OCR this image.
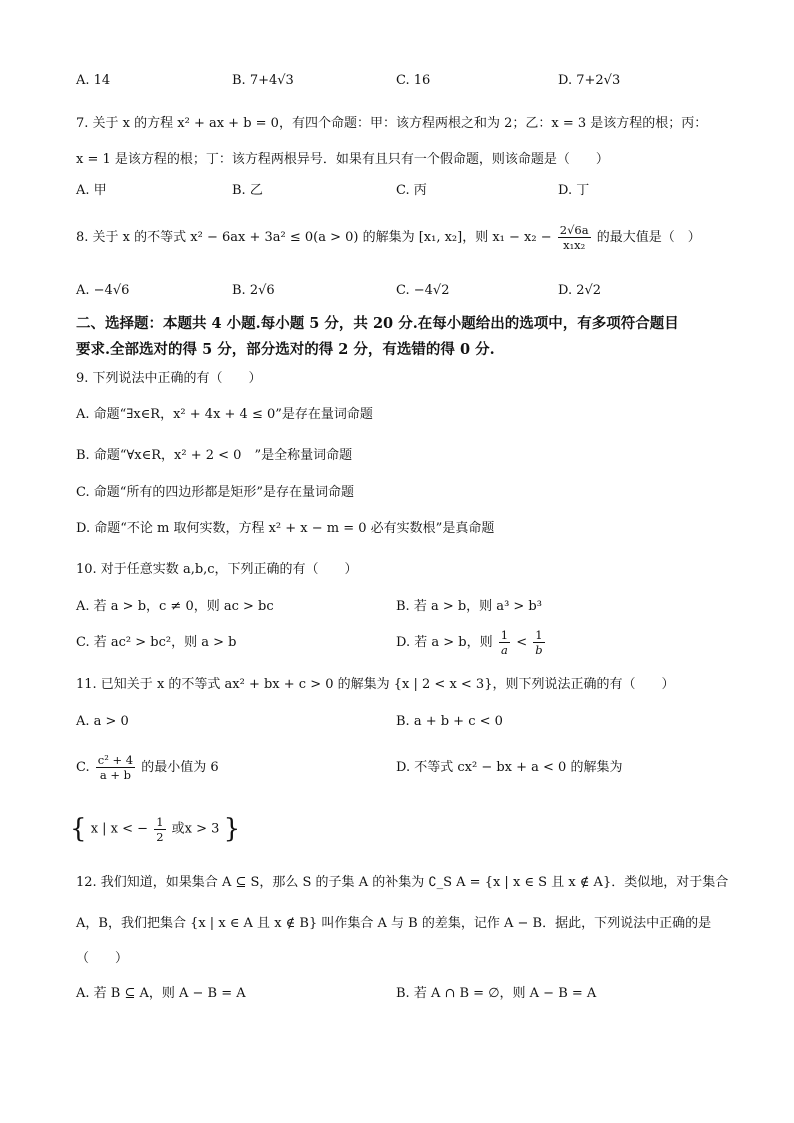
A. 14	B. 7+4√3	C. 16	D. 7+2√3
7. 关于 x 的方程 x² + ax + b = 0，有四个命题：甲：该方程两根之和为 2；乙：x = 3 是该方程的根；丙：
x = 1 是该方程的根；丁：该方程两根异号．如果有且只有一个假命题，则该命题是（　　）
A. 甲	B. 乙	C. 丙	D. 丁
8. 关于 x 的不等式 x² − 6ax + 3a² ≤ 0(a > 0) 的解集为 [x₁, x₂]，则 $x_1 - x_2 - \frac{2√6a}{\text{x₁x₂}}$ 的最大值是（　）
A. −4√6	B. 2√6	C. −4√2	D. 2√2
二、选择题：本题共 4 小题.每小题 5 分，共 20 分.在每小题给出的选项中，有多项符合题目
要求.全部选对的得 5 分，部分选对的得 2 分，有选错的得 0 分.
9. 下列说法中正确的有（　　）
A. 命题“∃x∈R，x² + 4x + 4 ≤ 0”是存在量词命题
B. 命题“∀x∈R，x² + 2 < 0　”是全称量词命题
C. 命题“所有的四边形都是矩形”是存在量词命题
D. 命题“不论 m 取何实数，方程 x² + x − m = 0 必有实数根”是真命题
10. 对于任意实数 a,b,c，下列正确的有（　　）
A. 若 a > b，c ≠ 0，则 ac > bc	B. 若 a > b，则 a³ > b³
C. 若 ac² > bc²，则 a > b	D. 若 a > b，则 $\frac{1}{a} < \frac{1}{b}$
11. 已知关于 x 的不等式 ax² + bx + c > 0 的解集为 {x | 2 < x < 3}，则下列说法正确的有（　　）
A. a > 0	B. a + b + c < 0
C. $\frac{\text{c² + 4}}{a + b}$ 的最小值为 6	D. 不等式 cx² − bx + a < 0 的解集为
{ x | x < − $\frac{1}{2}$ 或x > 3 }
12. 我们知道，如果集合 A ⊆ S，那么 S 的子集 A 的补集为 ∁_S A = {x | x ∈ S 且 x ∉ A}．类似地，对于集合
A，B，我们把集合 {x | x ∈ A 且 x ∉ B} 叫作集合 A 与 B 的差集，记作 A − B．据此，下列说法中正确的是
（　　）
A. 若 B ⊆ A，则 A − B = A	B. 若 A ∩ B = ∅，则 A − B = A
